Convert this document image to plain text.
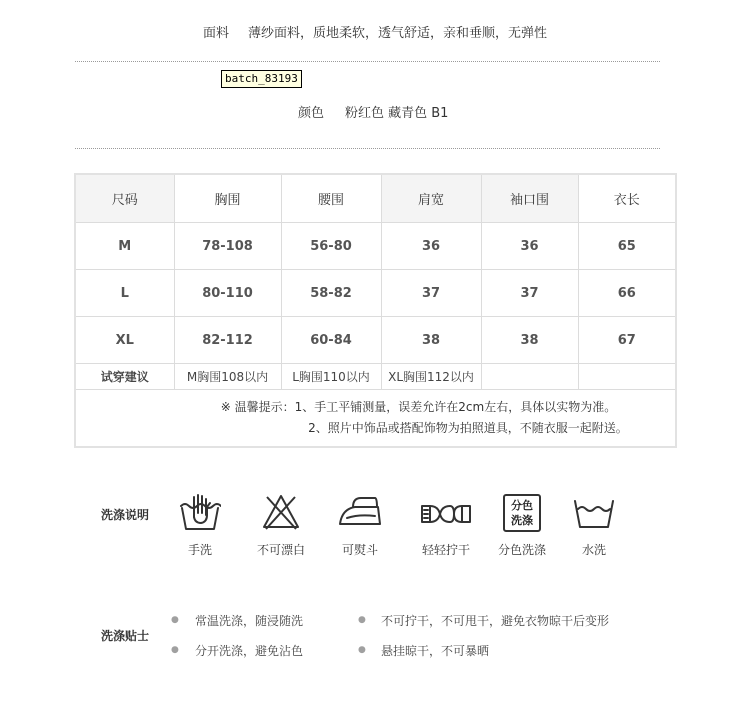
面料 薄纱面料，质地柔软，透气舒适，亲和垂顺，无弹性
batch_83193
颜色 粉红色 藏青色 B1
尺码	胸围	腰围	肩宽	袖口围	衣长
M	78-108	56-80	36	36	65
L	80-110	58-82	37	37	66
XL	82-112	60-84	38	38	67
试穿建议	M胸围108以内	L胸围110以内	XL胸围112以内		

※ 温馨提示：1、手工平铺测量，误差允许在2cm左右，具体以实物为准。
2、照片中饰品或搭配饰物为拍照道具，不随衣服一起附送。					
洗涤说明
手洗	不可漂白	可熨斗	轻轻拧干
分色
洗涤
分色洗涤	水洗
洗涤贴士
● 常温洗涤，随浸随洗	● 不可拧干，不可甩干，避免衣物晾干后变形
● 分开洗涤，避免沾色	● 悬挂晾干，不可暴晒
